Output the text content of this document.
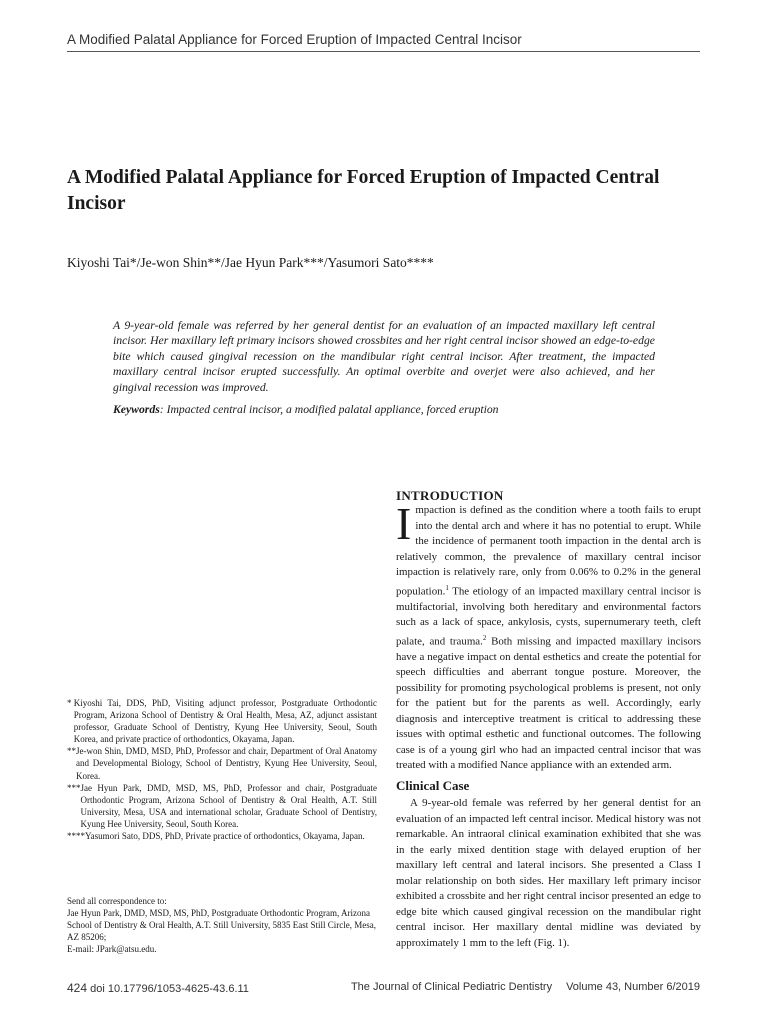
A Modified Palatal Appliance for Forced Eruption of Impacted Central Incisor
A Modified Palatal Appliance for Forced Eruption of Impacted Central Incisor
Kiyoshi Tai*/Je-won Shin**/Jae Hyun Park***/Yasumori Sato****

A 9-year-old female was referred by her general dentist for an evaluation of an impacted maxillary left central incisor. Her maxillary left primary incisors showed crossbites and her right central incisor showed an edge-to-edge bite which caused gingival recession on the mandibular right central incisor. After treatment, the impacted maxillary central incisor erupted successfully. An optimal overbite and overjet were also achieved, and her gingival recession was improved.

Keywords: Impacted central incisor, a modified palatal appliance, forced eruption
* Kiyoshi Tai, DDS, PhD, Visiting adjunct professor, Postgraduate Orthodontic Program, Arizona School of Dentistry & Oral Health, Mesa, AZ, adjunct assistant professor, Graduate School of Dentistry, Kyung Hee University, Seoul, South Korea, and private practice of orthodontics, Okayama, Japan.
** Je-won Shin, DMD, MSD, PhD, Professor and chair, Department of Oral Anatomy and Developmental Biology, School of Dentistry, Kyung Hee University, Seoul, Korea.
*** Jae Hyun Park, DMD, MSD, MS, PhD, Professor and chair, Postgraduate Orthodontic Program, Arizona School of Dentistry & Oral Health, A.T. Still University, Mesa, USA and international scholar, Graduate School of Dentistry, Kyung Hee University, Seoul, South Korea.
**** Yasumori Sato, DDS, PhD, Private practice of orthodontics, Okayama, Japan.
Send all correspondence to:
Jae Hyun Park, DMD, MSD, MS, PhD, Postgraduate Orthodontic Program, Arizona School of Dentistry & Oral Health, A.T. Still University, 5835 East Still Circle, Mesa, AZ 85206;
E-mail: JPark@atsu.edu.
INTRODUCTION
Impaction is defined as the condition where a tooth fails to erupt into the dental arch and where it has no potential to erupt. While the incidence of permanent tooth impaction in the dental arch is relatively common, the prevalence of maxillary central incisor impaction is relatively rare, only from 0.06% to 0.2% in the general population.$^1$ The etiology of an impacted maxillary central incisor is multifactorial, involving both hereditary and environmental factors such as a lack of space, ankylosis, cysts, supernumerary teeth, cleft palate, and trauma.$^2$ Both missing and impacted maxillary incisors have a negative impact on dental esthetics and create the potential for speech difficulties and aberrant tongue posture. Moreover, the possibility for promoting psychological problems is present, not only for the patient but for the parents as well. Accordingly, early diagnosis and interceptive treatment is critical to addressing these issues with optimal esthetic and functional outcomes. The following case is of a young girl who had an impacted central incisor that was treated with a modified Nance appliance with an extended arm.
Clinical Case
A 9-year-old female was referred by her general dentist for an evaluation of an impacted left central incisor. Medical history was not remarkable. An intraoral clinical examination exhibited that she was in the early mixed dentition stage with delayed eruption of her maxillary left central and lateral incisors. She presented a Class I molar relationship on both sides. Her maxillary left primary incisor exhibited a crossbite and her right central incisor presented an edge to edge bite which caused gingival recession on the mandibular right central incisor. Her maxillary dental midline was deviated by approximately 1 mm to the left (Fig. 1).
424 doi 10.17796/1053-4625-43.6.11	The Journal of Clinical Pediatric Dentistry Volume 43, Number 6/2019
